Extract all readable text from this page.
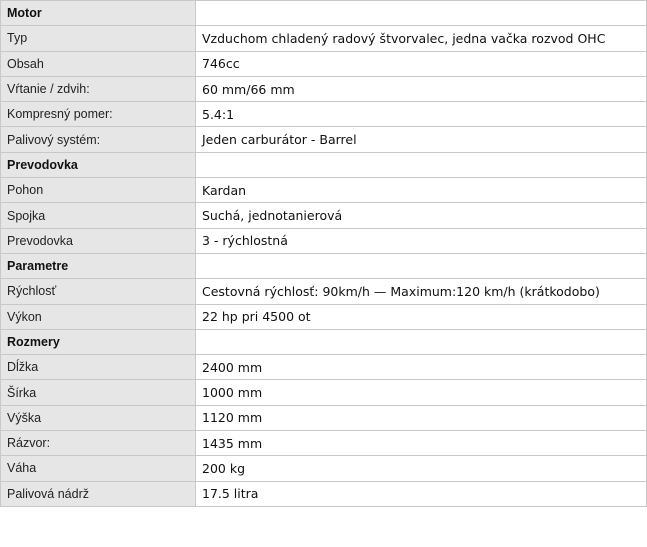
Motor	
Typ	Vzduchom chladený radový štvorvalec, jedna vačka rozvod OHC
Obsah	746cc
Vŕtanie / zdvih:	60 mm/66 mm
Kompresný pomer:	5.4:1
Palivový systém:	Jeden carburátor - Barrel
Prevodovka	
Pohon	Kardan
Spojka	Suchá, jednotanierová
Prevodovka	3 - rýchlostná
Parametre	
Rýchlosť	Cestovná rýchlosť: 90km/h — Maximum:120 km/h (krátkodobo)
Výkon	22 hp pri 4500 ot
Rozmery	
Dĺžka	2400 mm
Šírka	1000 mm
Výška	1120 mm
Rázvor:	1435 mm
Váha	200 kg
Palivová nádrž	17.5 litra
